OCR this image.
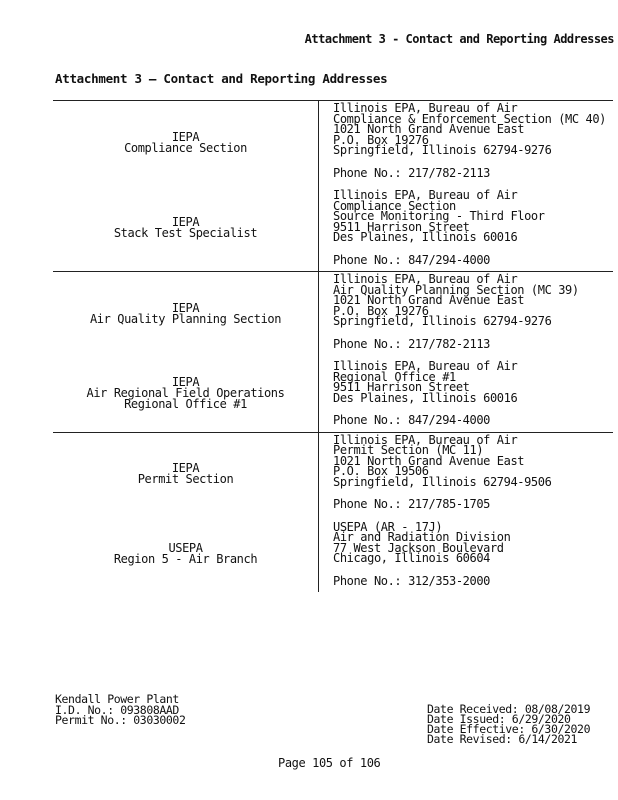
Attachment 3 - Contact and Reporting Addresses
Attachment 3 – Contact and Reporting Addresses
IEPA
Compliance Section
Illinois EPA, Bureau of Air
Compliance & Enforcement Section (MC 40)
1021 North Grand Avenue East
P.O. Box 19276
Springfield, Illinois 62794-9276
Phone No.: 217/782-2113
IEPA
Stack Test Specialist
Illinois EPA, Bureau of Air
Compliance Section
Source Monitoring - Third Floor
9511 Harrison Street
Des Plaines, Illinois 60016
Phone No.: 847/294-4000
IEPA
Air Quality Planning Section
Illinois EPA, Bureau of Air
Air Quality Planning Section (MC 39)
1021 North Grand Avenue East
P.O. Box 19276
Springfield, Illinois 62794-9276
Phone No.: 217/782-2113
IEPA
Air Regional Field Operations
Regional Office #1
Illinois EPA, Bureau of Air
Regional Office #1
9511 Harrison Street
Des Plaines, Illinois 60016
Phone No.: 847/294-4000
IEPA
Permit Section
Illinois EPA, Bureau of Air
Permit Section (MC 11)
1021 North Grand Avenue East
P.O. Box 19506
Springfield, Illinois 62794-9506
Phone No.: 217/785-1705
USEPA
Region 5 - Air Branch
USEPA (AR - 17J)
Air and Radiation Division
77 West Jackson Boulevard
Chicago, Illinois 60604
Phone No.: 312/353-2000
Kendall Power Plant
I.D. No.: 093808AAD
Permit No.: 03030002
Date Received: 08/08/2019
Date Issued: 6/29/2020
Date Effective: 6/30/2020
Date Revised: 6/14/2021
Page 105 of 106
